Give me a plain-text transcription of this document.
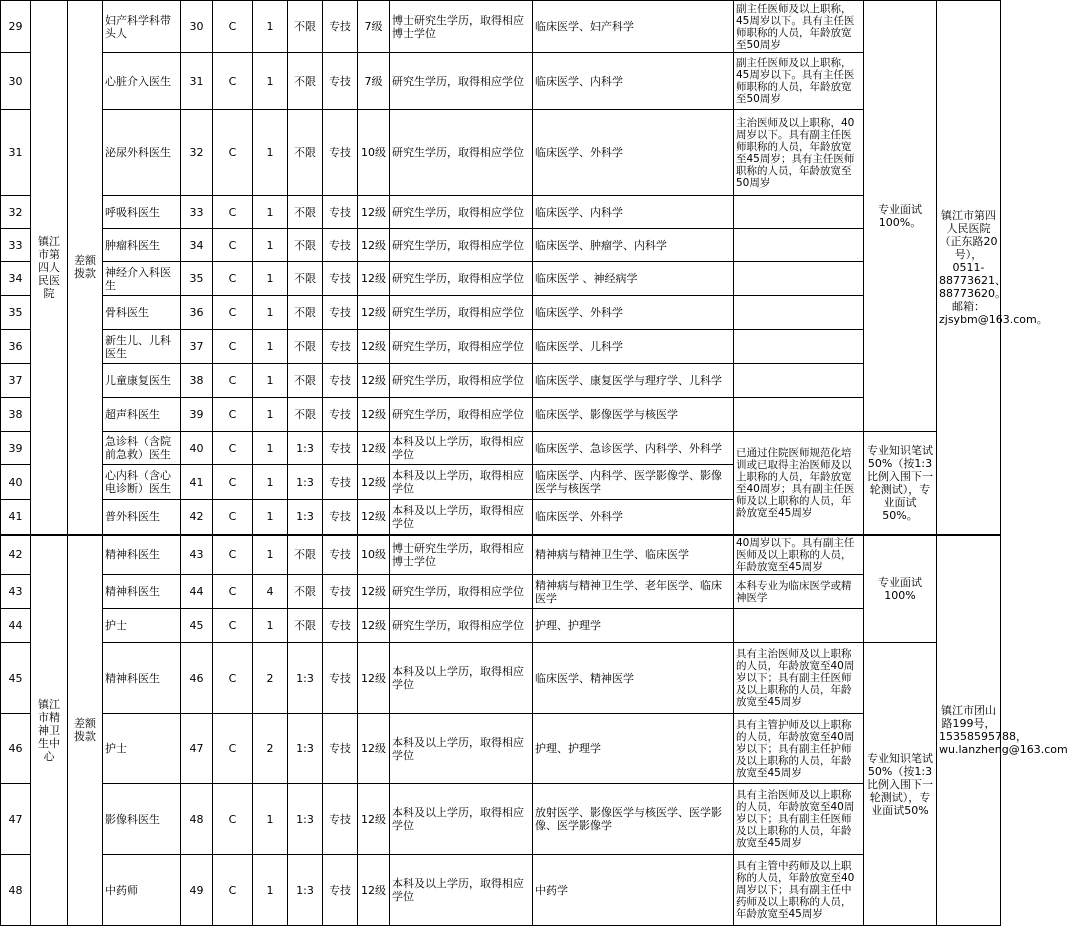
29	镇江市第四人民医院	差额拨款	妇产科学科带头人	30	C	1	不限	专技	7级	博士研究生学历，取得相应博士学位	临床医学、妇产科学	副主任医师及以上职称，45周岁以下。具有主任医师职称的人员，年龄放宽至50周岁	专业面试100%。	镇江市第四人民医院（正东路20号），0511-88773621、88773620。邮箱：zjsybm@163.com。
30			心脏介入医生	31	C	1	不限	专技	7级	研究生学历，取得相应学位	临床医学、内科学	副主任医师及以上职称，45周岁以下。具有主任医师职称的人员，年龄放宽至50周岁		
31			泌尿外科医生	32	C	1	不限	专技	10级	研究生学历，取得相应学位	临床医学、外科学	主治医师及以上职称，40周岁以下。具有副主任医师职称的人员，年龄放宽至45周岁；具有主任医师职称的人员，年龄放宽至50周岁		
32			呼吸科医生	33	C	1	不限	专技	12级	研究生学历，取得相应学位	临床医学、内科学			
33			肿瘤科医生	34	C	1	不限	专技	12级	研究生学历，取得相应学位	临床医学、肿瘤学、内科学			
34			神经介入科医生	35	C	1	不限	专技	12级	研究生学历，取得相应学位	临床医学 、神经病学			
35			骨科医生	36	C	1	不限	专技	12级	研究生学历，取得相应学位	临床医学、外科学			
36			新生儿、儿科医生	37	C	1	不限	专技	12级	研究生学历，取得相应学位	临床医学、儿科学			
37			儿童康复医生	38	C	1	不限	专技	12级	研究生学历，取得相应学位	临床医学、康复医学与理疗学、儿科学			
38			超声科医生	39	C	1	不限	专技	12级	研究生学历，取得相应学位	临床医学、影像医学与核医学			
39			急诊科（含院前急救）医生	40	C	1	1:3	专技	12级	本科及以上学历，取得相应学位	临床医学、急诊医学、内科学、外科学	已通过住院医师规范化培训或已取得主治医师及以上职称的人员，年龄放宽至40周岁；具有副主任医师及以上职称的人员，年龄放宽至45周岁	专业知识笔试50%（按1:3比例入围下一轮测试），专业面试50%。	
40			心内科（含心电诊断）医生	41	C	1	1:3	专技	12级	本科及以上学历，取得相应学位	临床医学、内科学、医学影像学、影像医学与核医学			
41			普外科医生	42	C	1	1:3	专技	12级	本科及以上学历，取得相应学位	临床医学、外科学			
42	镇江市精神卫生中心	差额拨款	精神科医生	43	C	1	不限	专技	10级	博士研究生学历，取得相应博士学位	精神病与精神卫生学、临床医学	40周岁以下。具有副主任医师及以上职称的人员，年龄放宽至45周岁	专业面试100%	镇江市团山路199号，15358595788，wu.lanzheng@163.com
43			精神科医生	44	C	4	不限	专技	12级	研究生学历，取得相应学位	精神病与精神卫生学、老年医学、临床医学	本科专业为临床医学或精神医学		
44			护士	45	C	1	不限	专技	12级	研究生学历，取得相应学位	护理、护理学			
45			精神科医生	46	C	2	1:3	专技	12级	本科及以上学历，取得相应学位	临床医学、精神医学	具有主治医师及以上职称的人员，年龄放宽至40周岁以下；具有副主任医师及以上职称的人员，年龄放宽至45周岁	专业知识笔试50%（按1:3比例入围下一轮测试），专业面试50%	
46			护士	47	C	2	1:3	专技	12级	本科及以上学历，取得相应学位	护理、护理学	具有主管护师及以上职称的人员，年龄放宽至40周岁以下；具有副主任护师及以上职称的人员，年龄放宽至45周岁		
47			影像科医生	48	C	1	1:3	专技	12级	本科及以上学历，取得相应学位	放射医学、影像医学与核医学、医学影像、医学影像学	具有主治医师及以上职称的人员，年龄放宽至40周岁以下；具有副主任医师及以上职称的人员，年龄放宽至45周岁		
48			中药师	49	C	1	1:3	专技	12级	本科及以上学历，取得相应学位	中药学	具有主管中药师及以上职称的人员，年龄放宽至40周岁以下；具有副主任中药师及以上职称的人员，年龄放宽至45周岁		
